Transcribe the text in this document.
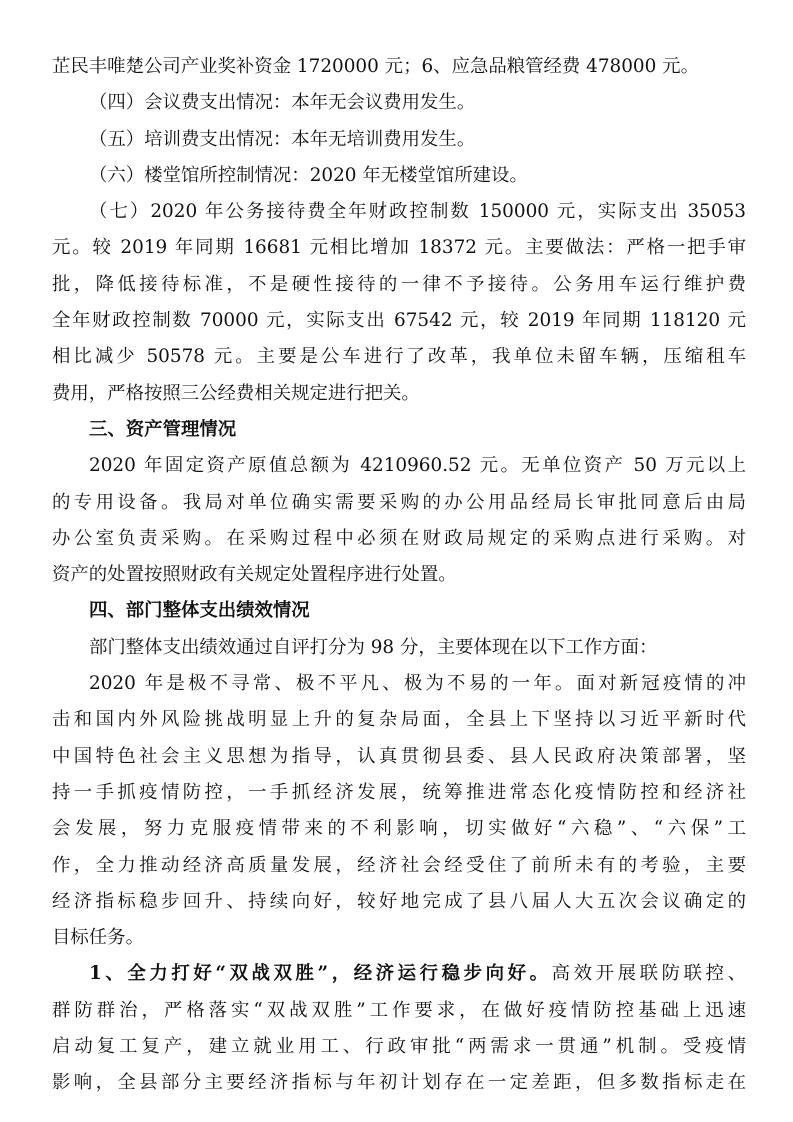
芷民丰唯楚公司产业奖补资金 1720000 元；6、应急品粮管经费 478000 元。
（四）会议费支出情况：本年无会议费用发生。
（五）培训费支出情况：本年无培训费用发生。
（六）楼堂馆所控制情况：2020 年无楼堂馆所建设。
（七）2020 年公务接待费全年财政控制数 150000 元，实际支出 35053
元。较 2019 年同期 16681 元相比增加 18372 元。主要做法：严格一把手审
批，降低接待标准，不是硬性接待的一律不予接待。公务用车运行维护费
全年财政控制数 70000 元，实际支出 67542 元，较 2019 年同期 118120 元
相比减少 50578 元。主要是公车进行了改革，我单位未留车辆，压缩租车
费用，严格按照三公经费相关规定进行把关。
三、资产管理情况
2020 年固定资产原值总额为 4210960.52 元。无单位资产 50 万元以上
的专用设备。我局对单位确实需要采购的办公用品经局长审批同意后由局
办公室负责采购。在采购过程中必须在财政局规定的采购点进行采购。对
资产的处置按照财政有关规定处置程序进行处置。
四、部门整体支出绩效情况
部门整体支出绩效通过自评打分为 98 分，主要体现在以下工作方面：
2020 年是极不寻常、极不平凡、极为不易的一年。面对新冠疫情的冲
击和国内外风险挑战明显上升的复杂局面，全县上下坚持以习近平新时代
中国特色社会主义思想为指导，认真贯彻县委、县人民政府决策部署，坚
持一手抓疫情防控，一手抓经济发展，统筹推进常态化疫情防控和经济社
会发展，努力克服疫情带来的不利影响，切实做好“六稳”、“六保”工
作，全力推动经济高质量发展，经济社会经受住了前所未有的考验，主要
经济指标稳步回升、持续向好，较好地完成了县八届人大五次会议确定的
目标任务。
1、全力打好“双战双胜”，经济运行稳步向好。高效开展联防联控、
群防群治，严格落实“双战双胜”工作要求，在做好疫情防控基础上迅速
启动复工复产，建立就业用工、行政审批“两需求一贯通”机制。受疫情
影响，全县部分主要经济指标与年初计划存在一定差距，但多数指标走在
